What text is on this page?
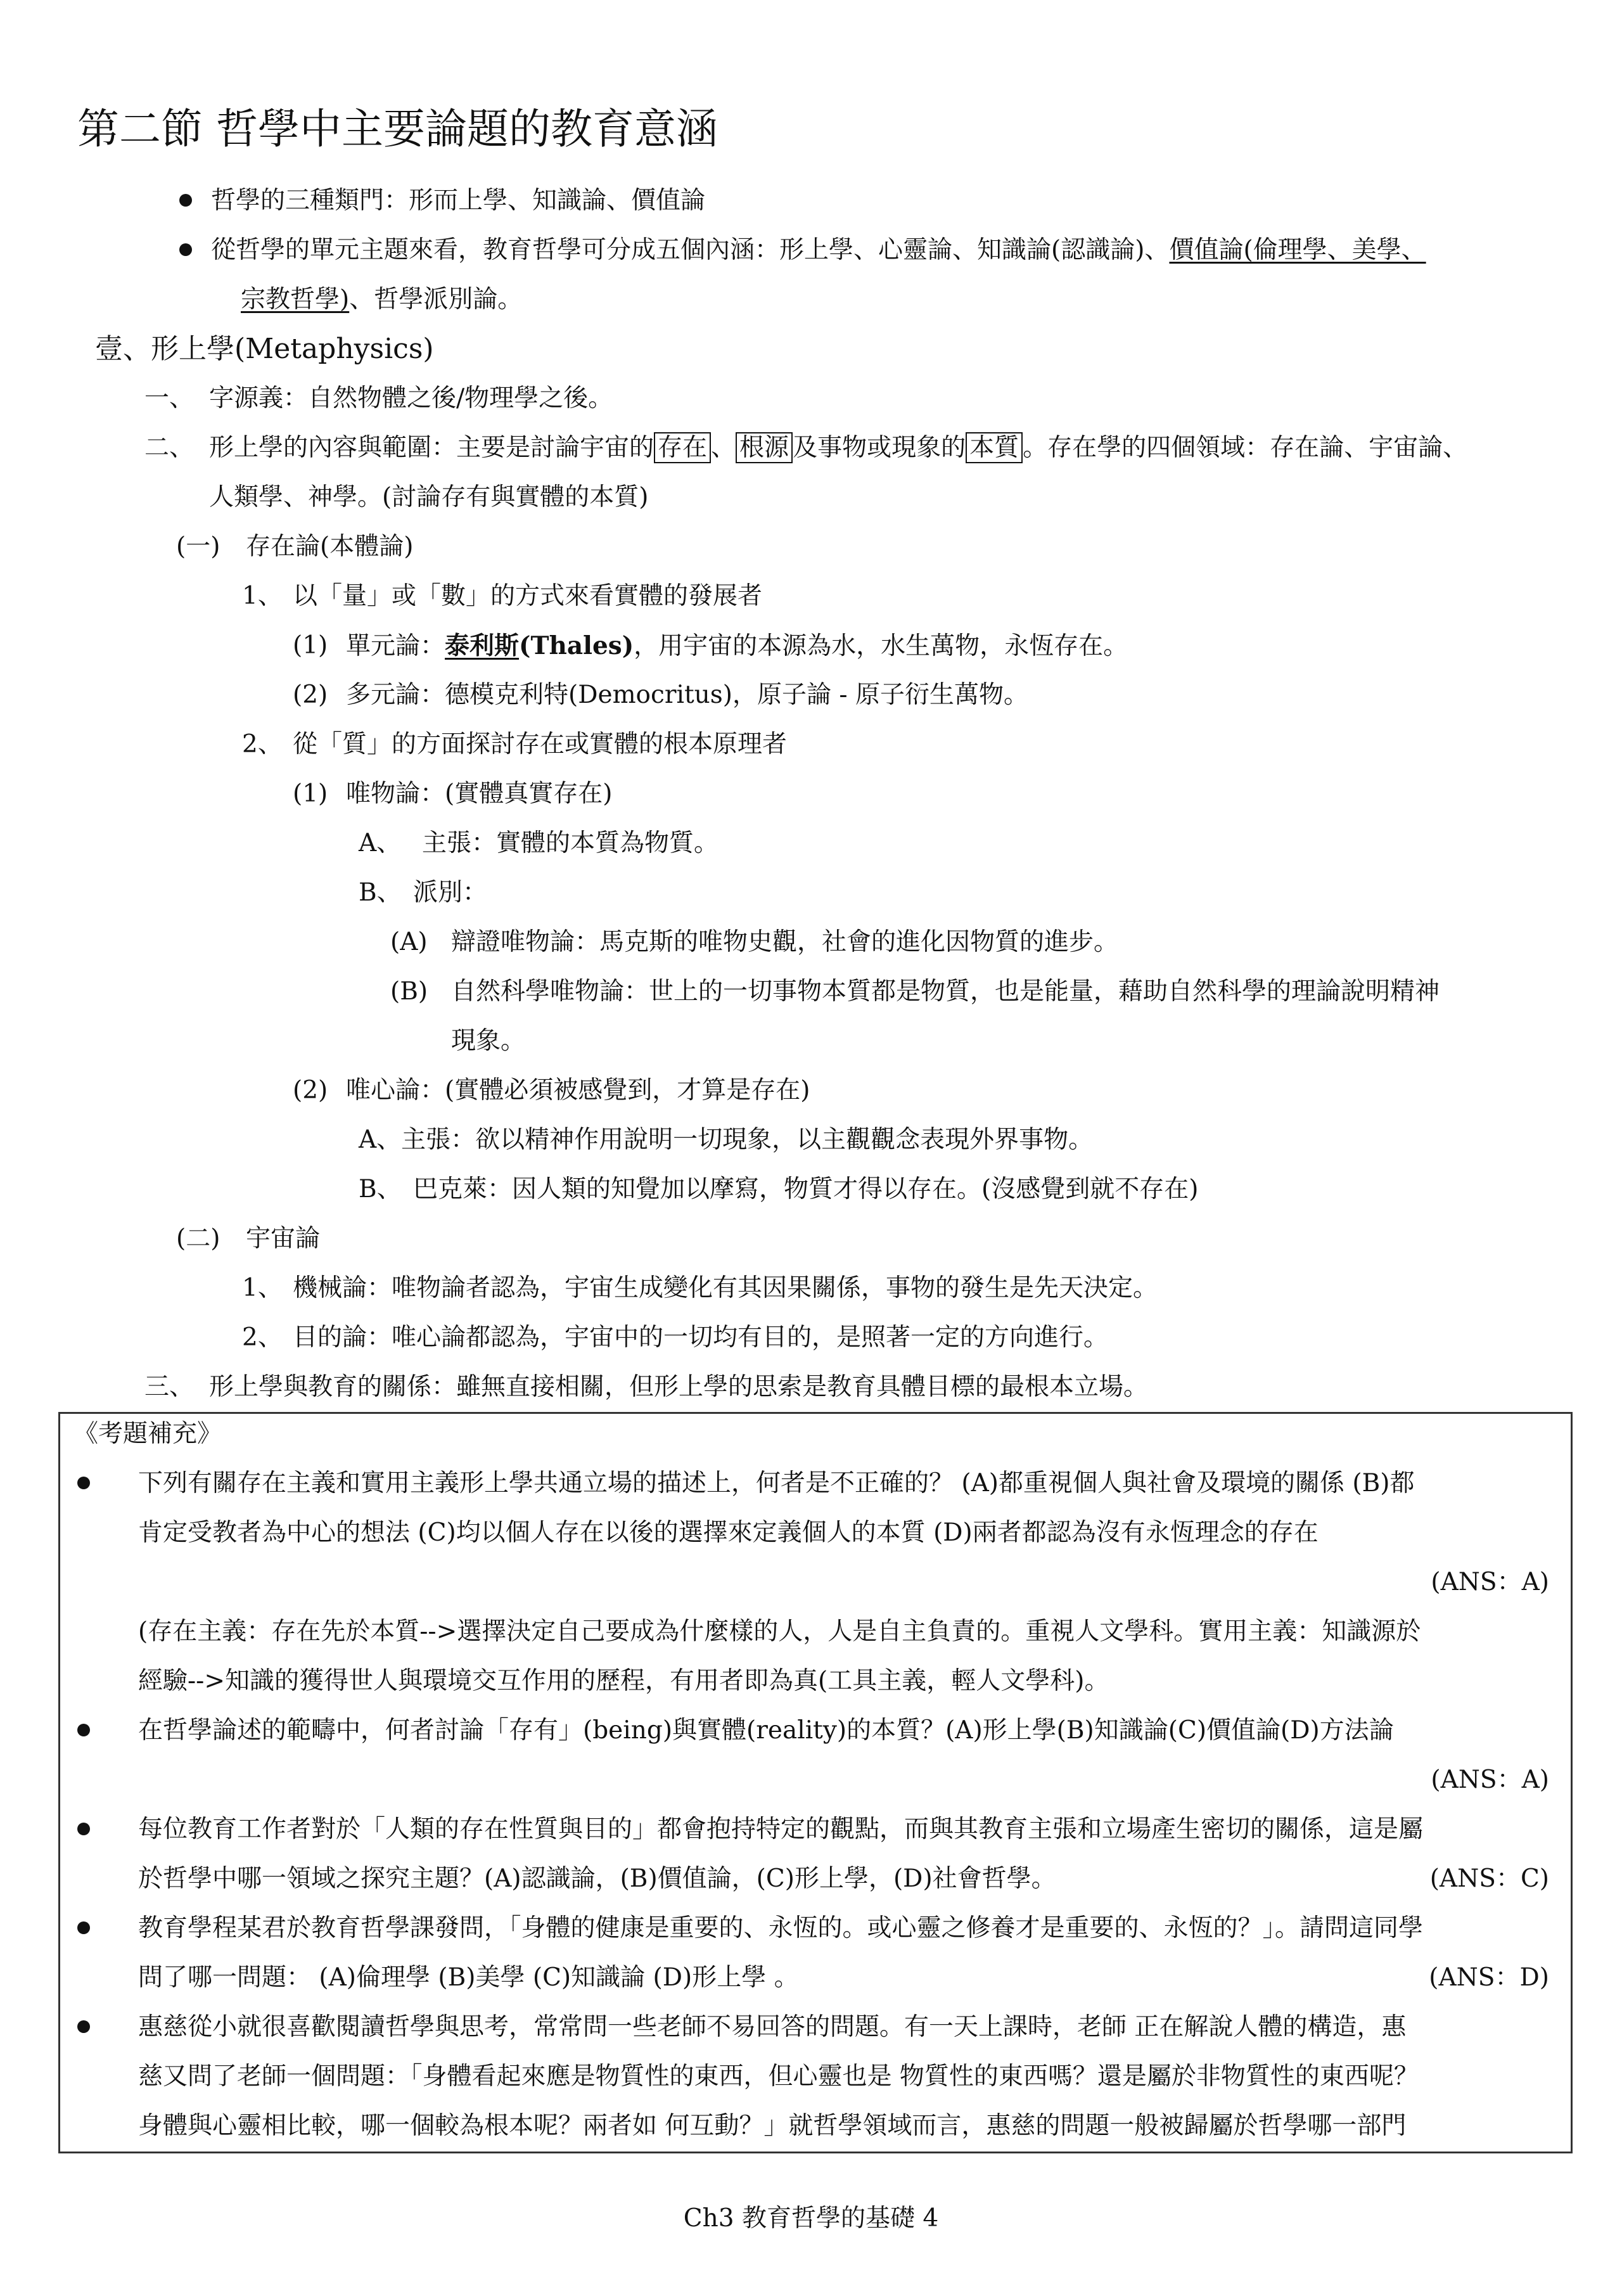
第二節 哲學中主要論題的教育意涵
哲學的三種類門：形而上學、知識論、價值論
從哲學的單元主題來看，教育哲學可分成五個內涵：形上學、心靈論、知識論(認識論)、價值論(倫理學、美學、
宗教哲學)、哲學派別論。
壹、形上學(Metaphysics)
一、 字源義：自然物體之後/物理學之後。
二、 形上學的內容與範圍：主要是討論宇宙的 存在 、 根源 及事物或現象的 本質 。存在學的四個領域：存在論、宇宙論、
人類學、神學。(討論存有與實體的本質)
(一) 存在論(本體論)
1、 以「量」或「數」的方式來看實體的發展者
(1) 單元論：泰利斯(Thales)，用宇宙的本源為水，水生萬物，永恆存在。
(2) 多元論：德模克利特(Democritus)，原子論 - 原子衍生萬物。
2、 從「質」的方面探討存在或實體的根本原理者
(1) 唯物論：(實體真實存在)
A、 主張：實體的本質為物質。
B、 派別：
(A) 辯證唯物論：馬克斯的唯物史觀，社會的進化因物質的進步。
(B) 自然科學唯物論：世上的一切事物本質都是物質，也是能量，藉助自然科學的理論說明精神
現象。
(2) 唯心論：(實體必須被感覺到，才算是存在)
A、主張：欲以精神作用說明一切現象，以主觀觀念表現外界事物。
B、 巴克萊：因人類的知覺加以摩寫，物質才得以存在。(沒感覺到就不存在)
(二) 宇宙論
1、 機械論：唯物論者認為，宇宙生成變化有其因果關係，事物的發生是先天決定。
2、 目的論：唯心論都認為，宇宙中的一切均有目的，是照著一定的方向進行。
三、 形上學與教育的關係：雖無直接相關，但形上學的思索是教育具體目標的最根本立場。
《考題補充》
下列有關存在主義和實用主義形上學共通立場的描述上，何者是不正確的？ (A)都重視個人與社會及環境的關係 (B)都
肯定受教者為中心的想法 (C)均以個人存在以後的選擇來定義個人的本質 (D)兩者都認為沒有永恆理念的存在
(ANS：A)
(存在主義：存在先於本質-->選擇決定自己要成為什麼樣的人，人是自主負責的。重視人文學科。實用主義：知識源於
經驗-->知識的獲得世人與環境交互作用的歷程，有用者即為真(工具主義，輕人文學科)。
在哲學論述的範疇中，何者討論「存有」(being)與實體(reality)的本質？(A)形上學(B)知識論(C)價值論(D)方法論
(ANS：A)
每位教育工作者對於「人類的存在性質與目的」都會抱持特定的觀點，而與其教育主張和立場產生密切的關係，這是屬
於哲學中哪一領域之探究主題？(A)認識論，(B)價值論，(C)形上學，(D)社會哲學。	(ANS：C)
教育學程某君於教育哲學課發問，「身體的健康是重要的、永恆的。或心靈之修養才是重要的、永恆的？」。請問這同學
問了哪一問題： (A)倫理學 (B)美學 (C)知識論 (D)形上學 。	(ANS：D)
惠慈從小就很喜歡閱讀哲學與思考，常常問一些老師不易回答的問題。有一天上課時，老師 正在解說人體的構造，惠
慈又問了老師一個問題：「身體看起來應是物質性的東西，但心靈也是 物質性的東西嗎？還是屬於非物質性的東西呢？
身體與心靈相比較，哪一個較為根本呢？兩者如 何互動？」就哲學領域而言，惠慈的問題一般被歸屬於哲學哪一部門
Ch3 教育哲學的基礎 4
